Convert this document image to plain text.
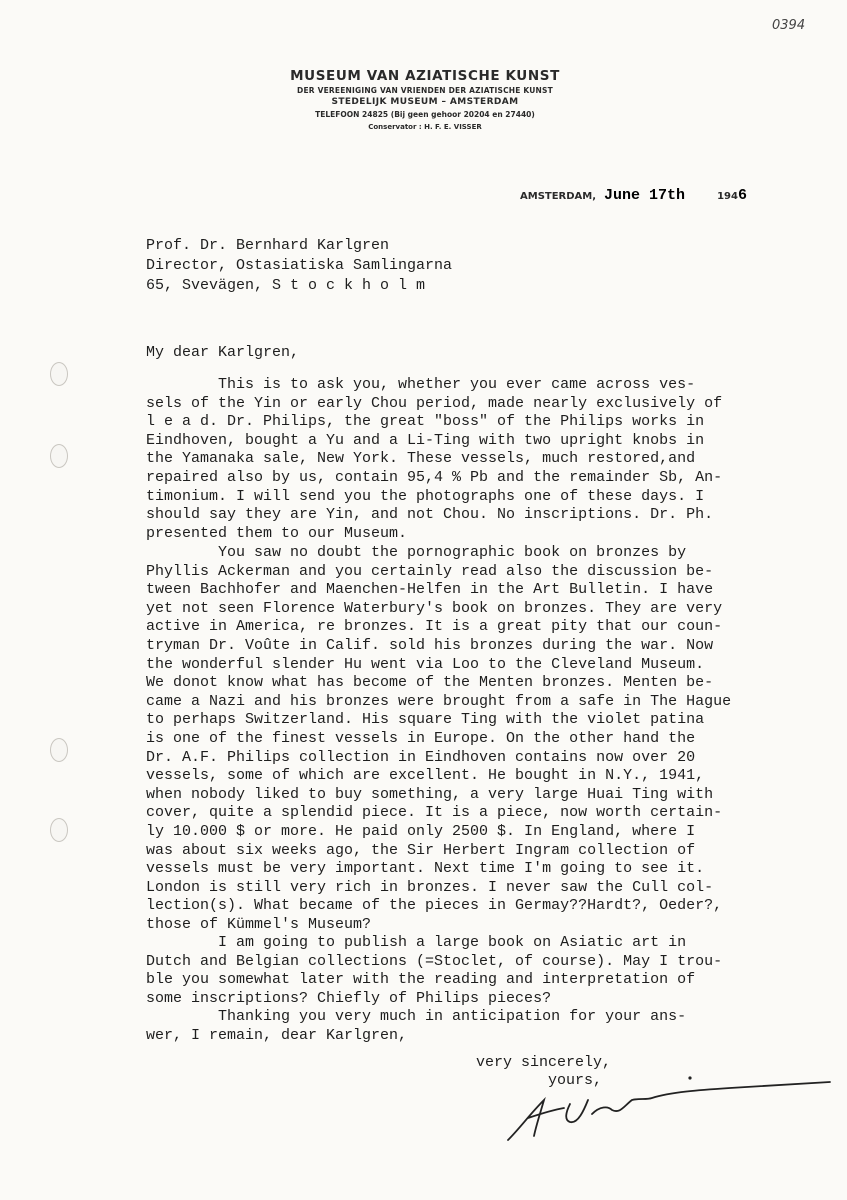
0394
MUSEUM VAN AZIATISCHE KUNST
DER VEREENIGING VAN VRIENDEN DER AZIATISCHE KUNST
STEDELIJK MUSEUM – AMSTERDAM
TELEFOON 24825 (Bij geen gehoor 20204 en 27440)
Conservator : H. F. E. VISSER
AMSTERDAM, June 17th	1946
Prof. Dr. Bernhard Karlgren
Director, Ostasiatiska Samlingarna
65, Svevägen, S t o c k h o l m
My dear Karlgren,
This is to ask you, whether you ever came across ves-
sels of the Yin or early Chou period, made nearly exclusively of
l e a d. Dr. Philips, the great "boss" of the Philips works in
Eindhoven, bought a Yu and a Li-Ting with two upright knobs in
the Yamanaka sale, New York. These vessels, much restored,and
repaired also by us, contain 95,4 % Pb and the remainder Sb, An-
timonium. I will send you the photographs one of these days. I
should say they are Yin, and not Chou. No inscriptions. Dr. Ph.
presented them to our Museum.
You saw no doubt the pornographic book on bronzes by
Phyllis Ackerman and you certainly read also the discussion be-
tween Bachhofer and Maenchen-Helfen in the Art Bulletin. I have
yet not seen Florence Waterbury's book on bronzes. They are very
active in America, re bronzes. It is a great pity that our coun-
tryman Dr. Voûte in Calif. sold his bronzes during the war. Now
the wonderful slender Hu went via Loo to the Cleveland Museum.
We donot know what has become of the Menten bronzes. Menten be-
came a Nazi and his bronzes were brought from a safe in The Hague
to perhaps Switzerland. His square Ting with the violet patina
is one of the finest vessels in Europe. On the other hand the
Dr. A.F. Philips collection in Eindhoven contains now over 20
vessels, some of which are excellent. He bought in N.Y., 1941,
when nobody liked to buy something, a very large Huai Ting with
cover, quite a splendid piece. It is a piece, now worth certain-
ly 10.000 $ or more. He paid only 2500 $. In England, where I
was about six weeks ago, the Sir Herbert Ingram collection of
vessels must be very important. Next time I'm going to see it.
London is still very rich in bronzes. I never saw the Cull col-
lection(s). What became of the pieces in Germay??Hardt?, Oeder?,
those of Kümmel's Museum?
I am going to publish a large book on Asiatic art in
Dutch and Belgian collections (=Stoclet, of course). May I trou-
ble you somewhat later with the reading and interpretation of
some inscriptions? Chiefly of Philips pieces?
Thanking you very much in anticipation for your ans-
wer, I remain, dear Karlgren,
very sincerely,
yours,
